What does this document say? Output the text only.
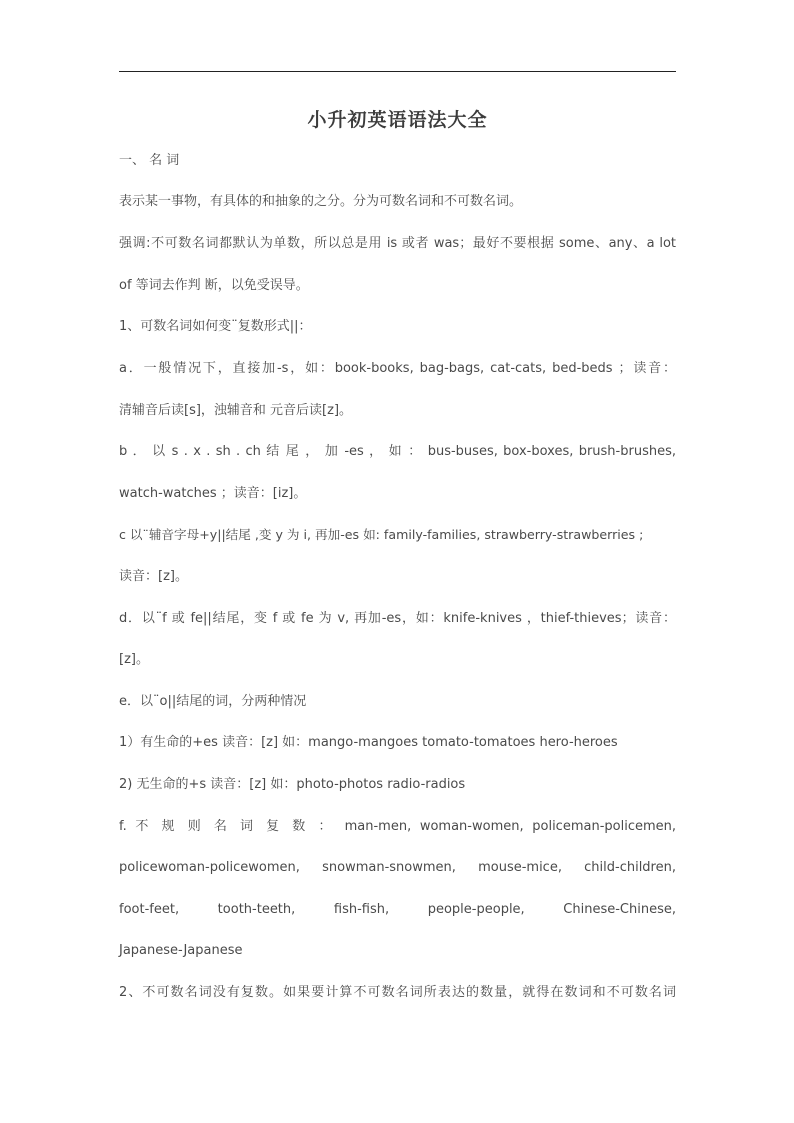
小升初英语语法大全
一、 名 词
表示某一事物，有具体的和抽象的之分。分为可数名词和不可数名词。
强调:不可数名词都默认为单数，所以总是用 is 或者 was；最好不要根据 some、any、a lot
of 等词去作判 断，以免受误导。
1、可数名词如何变¨复数形式||：
a．一般情况下，直接加-s，如：book-books, bag-bags, cat-cats, bed-beds ；读音：
清辅音后读[s]，浊辅音和 元音后读[z]。
b ． 以 s . x . sh . ch 结 尾 ， 加 -es ， 如 ： bus-buses, box-boxes, brush-brushes,
watch-watches ；读音：[iz]。
c 以¨辅音字母+y||结尾 ,变 y 为 i, 再加-es 如: family-families, strawberry-strawberries ;
读音：[z]。
d．以¨f 或 fe||结尾，变 f 或 fe 为 v, 再加-es，如：knife-knives ，thief-thieves；读音：
[z]。
e．以¨o||结尾的词，分两种情况
1）有生命的+es 读音：[z] 如：mango-mangoes tomato-tomatoes hero-heroes
2) 无生命的+s 读音：[z] 如：photo-photos radio-radios
f. 不 规 则 名 词 复 数 ： man-men, woman-women, policeman-policemen,
policewoman-policewomen, snowman-snowmen, mouse-mice, child-children,
foot-feet, tooth-teeth, fish-fish, people-people, Chinese-Chinese,
Japanese-Japanese
2、不可数名词没有复数。如果要计算不可数名词所表达的数量，就得在数词和不可数名词
